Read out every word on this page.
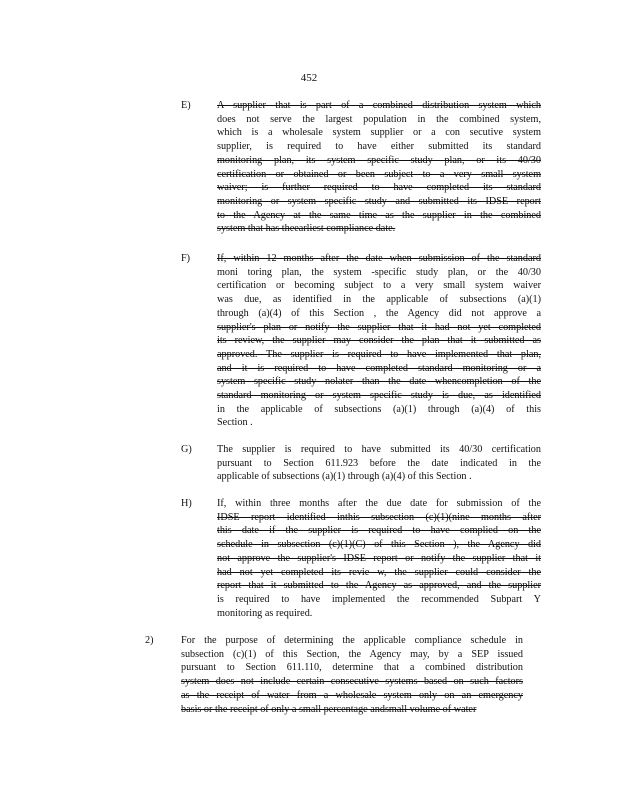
452
E)	A supplier that is part of a combined distribution system which
does not serve the largest population in the combined system,
which is a wholesale system supplier or a con secutive system
supplier, is required to have either submitted its standard
monitoring plan, its system specific study plan, or its 40/30
certification or obtained or been subject to a very small system
waiver; is further required to have completed its standard
monitoring or system specific study and submitted its IDSE report
to the Agency at the same time as the supplier in the combined
system that has theearliest compliance date.
F)	If, within 12 months after the date when submission of the standard
moni toring plan, the system -specific study plan, or the 40/30
certification or becoming subject to a very small system waiver
was due, as identified in the applicable of subsections (a)(1)
through (a)(4) of this Section , the Agency did not approve a
supplier's plan or notify the supplier that it had not yet completed
its review, the supplier may consider the plan that it submitted as
approved. The supplier is required to have implemented that plan,
and it is required to have completed standard monitoring or a
system specific study nolater than the date whencompletion of the
standard monitoring or system specific study is due, as identified
in the applicable of subsections (a)(1) through (a)(4) of this
Section .
G) The supplier is required to have submitted its 40/30 certification
pursuant to Section 611.923 before the date indicated in the
applicable of subsections (a)(1) through (a)(4) of this Section .
H) If, within three months after the due date for submission of the
IDSE report identified inthis subsection (c)(1)(nine months after
this date if the supplier is required to have complied on the
schedule in subsection (c)(1)(C) of this Section ), the Agency did
not approve the supplier's IDSE report or notify the supplier that it
had not yet completed its revie w, the supplier could consider the
report that it submitted to the Agency as approved, and the supplier
is required to have implemented the recommended Subpart Y
monitoring as required.
2)	For the purpose of determining the applicable compliance schedule in
subsection (c)(1) of this Section, the Agency may, by a SEP issued
pursuant to Section 611.110, determine that a combined distribution
system does not include certain consecutive systems based on such factors
as the receipt of water from a wholesale system only on an emergency
basis or the receipt of only a small percentage andsmall volume of water
